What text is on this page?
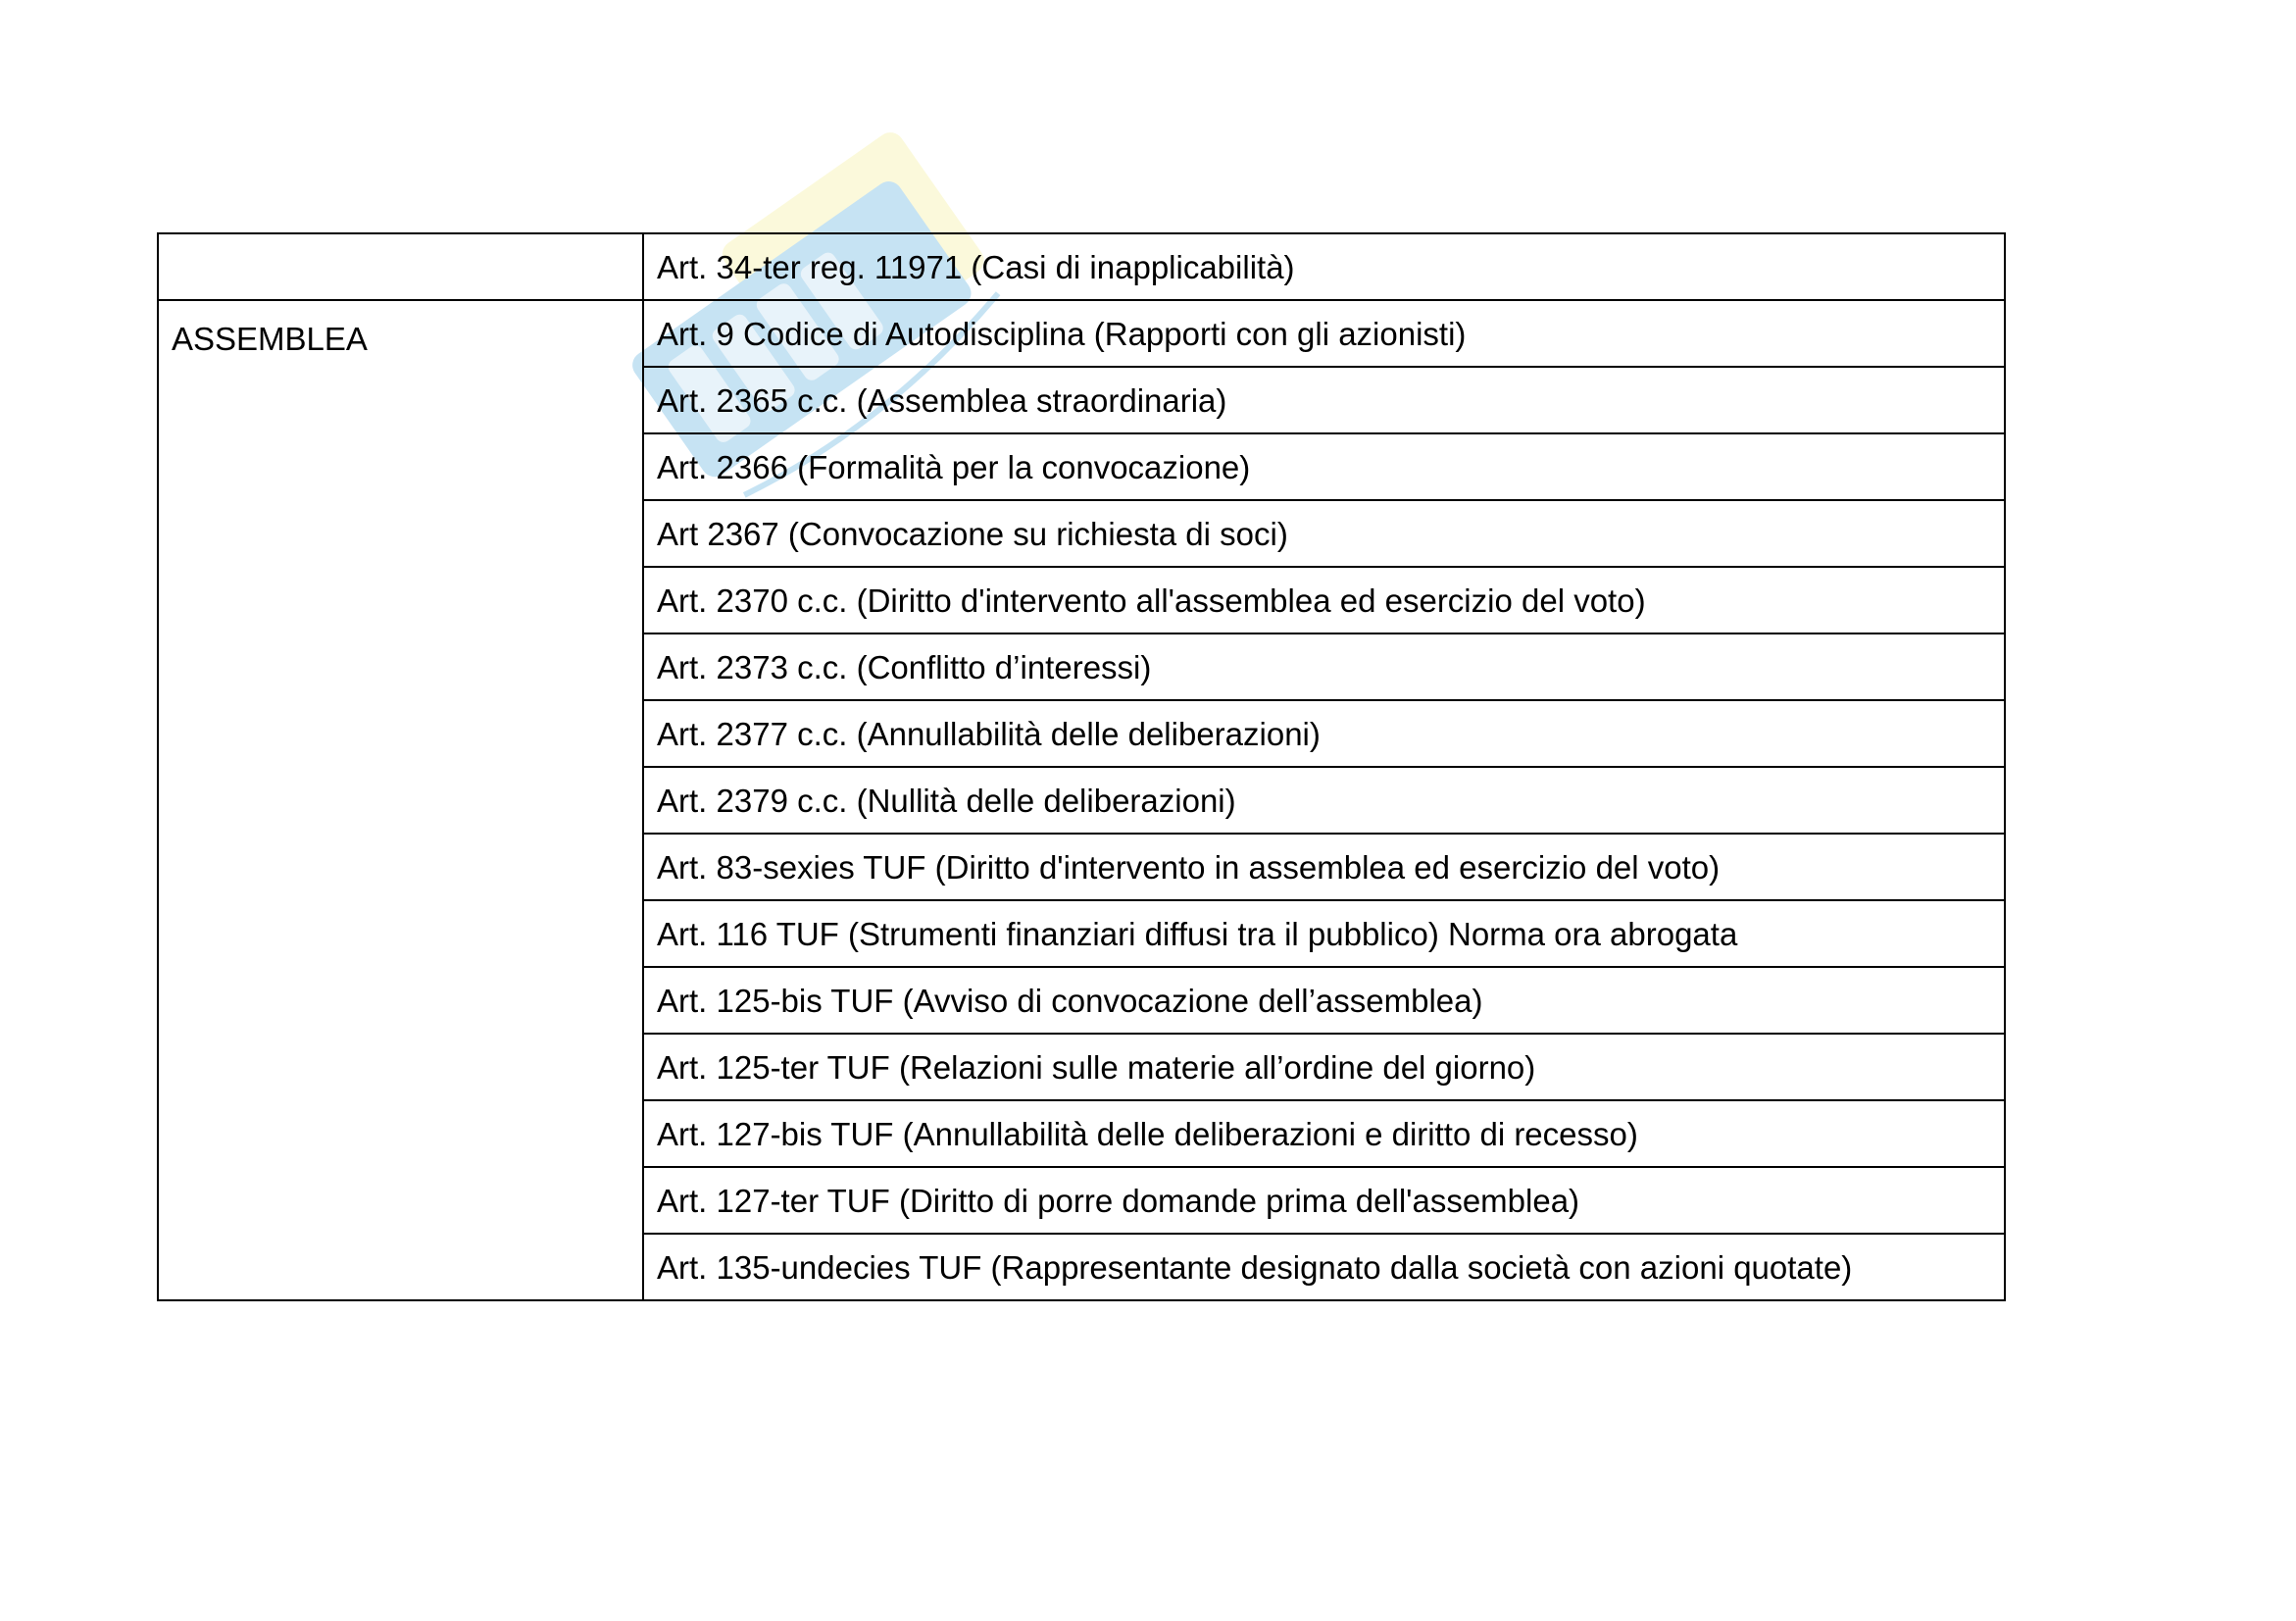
	Art. 34-ter reg. 11971 (Casi di inapplicabilità)
ASSEMBLEA	Art. 9 Codice di Autodisciplina (Rapporti con gli azionisti)
	Art. 2365 c.c. (Assemblea straordinaria)
	Art. 2366 (Formalità per la convocazione)
	Art 2367 (Convocazione su richiesta di soci)
	Art. 2370 c.c. (Diritto d'intervento all'assemblea ed esercizio del voto)
	Art. 2373 c.c. (Conflitto d’interessi)
	Art. 2377 c.c. (Annullabilità delle deliberazioni)
	Art. 2379 c.c. (Nullità delle deliberazioni)
	Art. 83-sexies TUF (Diritto d'intervento in assemblea ed esercizio del voto)
	Art. 116 TUF (Strumenti finanziari diffusi tra il pubblico) Norma ora abrogata
	Art. 125-bis TUF (Avviso di convocazione dell’assemblea)
	Art. 125-ter TUF (Relazioni sulle materie all’ordine del giorno)
	Art. 127-bis TUF (Annullabilità delle deliberazioni e diritto di recesso)
	Art. 127-ter TUF (Diritto di porre domande prima dell'assemblea)
	Art. 135-undecies TUF (Rappresentante designato dalla società con azioni quotate)
